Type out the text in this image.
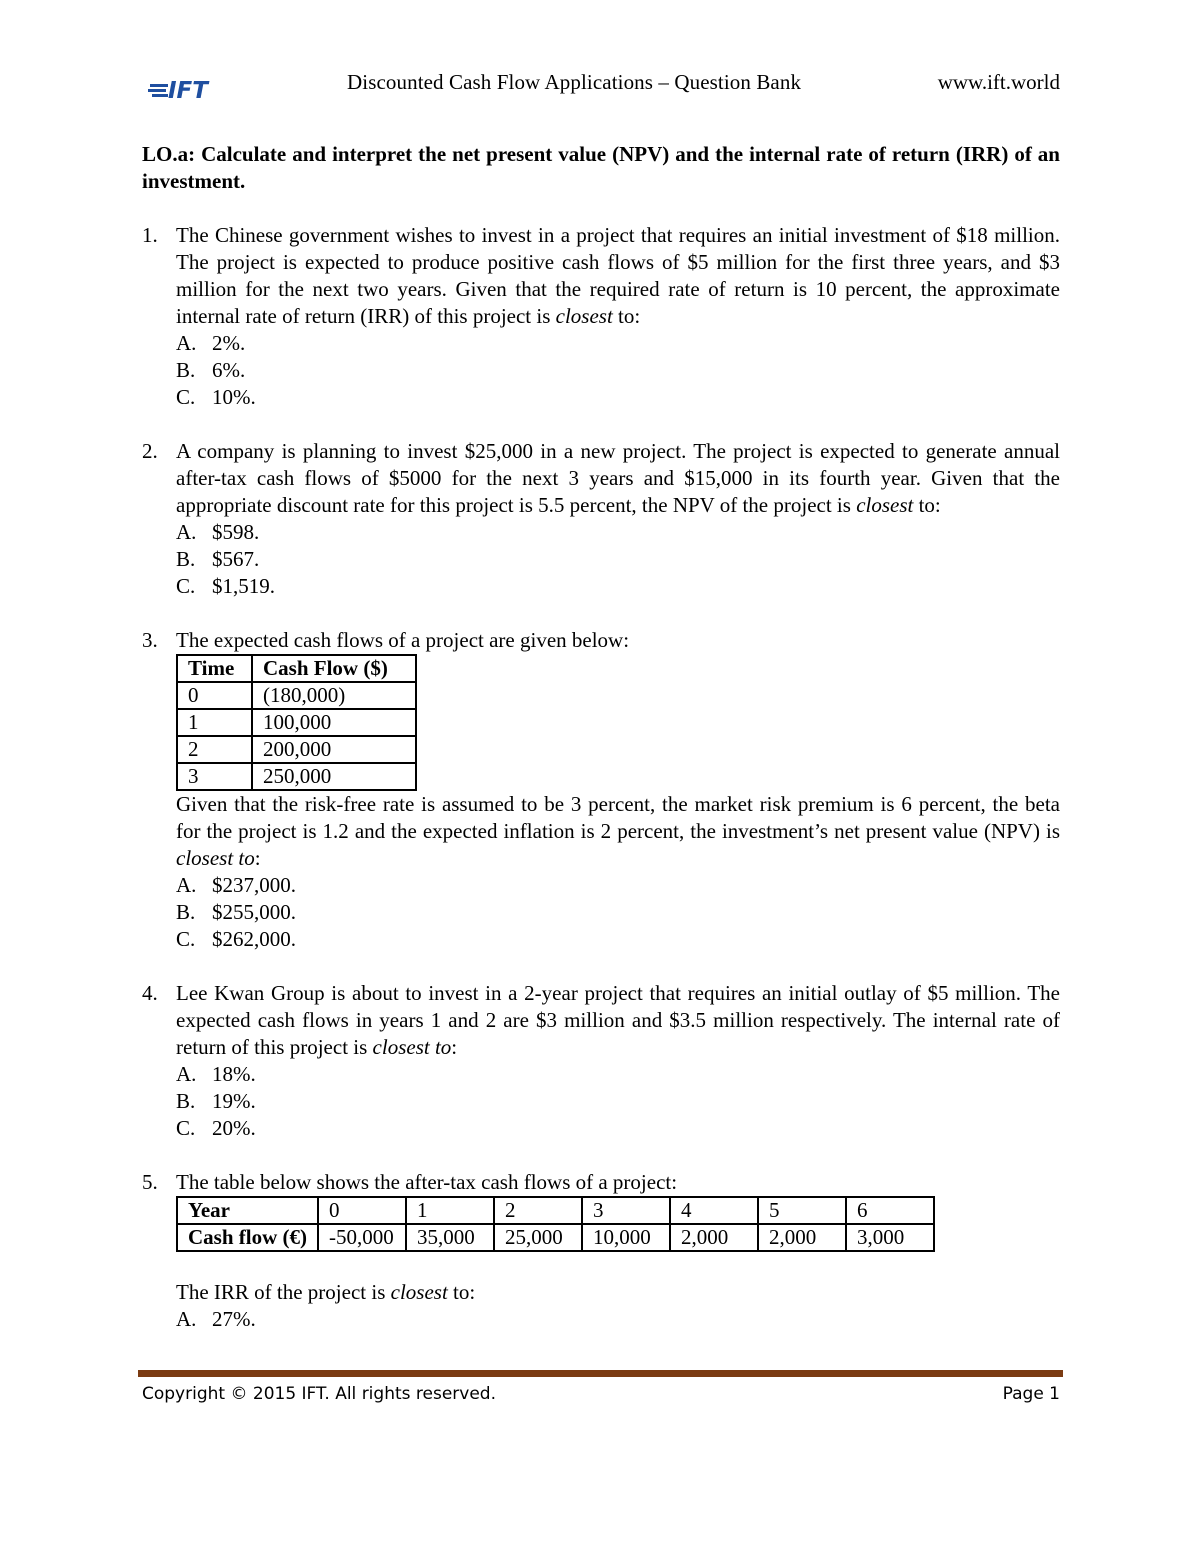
IFT	Discounted Cash Flow Applications – Question Bank	www.ift.world

LO.a: Calculate and interpret the net present value (NPV) and the internal rate of return (IRR) of an investment.

1. The Chinese government wishes to invest in a project that requires an initial investment of $18 million. The project is expected to produce positive cash flows of $5 million for the first three years, and $3 million for the next two years. Given that the required rate of return is 10 percent, the approximate internal rate of return (IRR) of this project is closest to:
A. 2%.
B. 6%.
C. 10%.
2. A company is planning to invest $25,000 in a new project. The project is expected to generate annual after-tax cash flows of $5000 for the next 3 years and $15,000 in its fourth year. Given that the appropriate discount rate for this project is 5.5 percent, the NPV of the project is closest to:
A. $598.
B. $567.
C. $1,519.
3. The expected cash flows of a project are given below:
Time	Cash Flow ($)
0	(180,000)
1	100,000
2	200,000
3	250,000
Given that the risk-free rate is assumed to be 3 percent, the market risk premium is 6 percent, the beta for the project is 1.2 and the expected inflation is 2 percent, the investment’s net present value (NPV) is closest to:
A. $237,000.
B. $255,000.
C. $262,000.
4. Lee Kwan Group is about to invest in a 2-year project that requires an initial outlay of $5 million. The expected cash flows in years 1 and 2 are $3 million and $3.5 million respectively. The internal rate of return of this project is closest to:
A. 18%.
B. 19%.
C. 20%.
5. The table below shows the after-tax cash flows of a project:
Year	0	1	2	3	4	5	6
Cash flow (€)	-50,000	35,000	25,000	10,000	2,000	2,000	3,000
The IRR of the project is closest to:
A. 27%.
Copyright © 2015 IFT. All rights reserved.	Page 1
